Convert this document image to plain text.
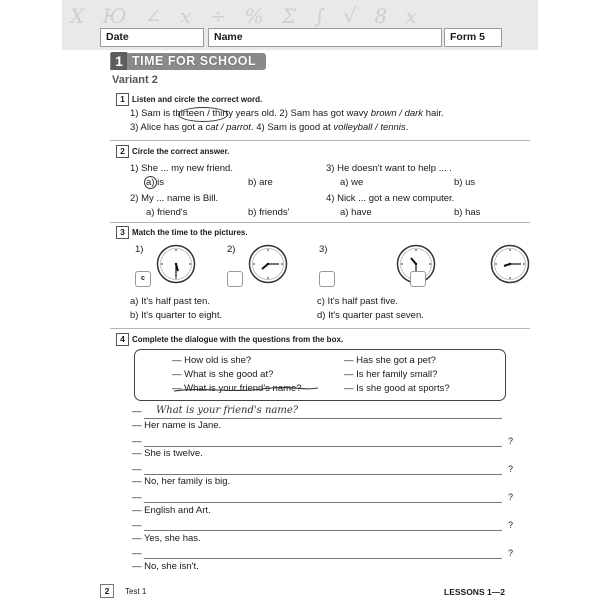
Х Ю ∠ x ÷ % Σ ∫ √ 8 x
Date	Name	Form 5
1 TIME FOR SCHOOL
Variant 2
1 Listen and circle the correct word.
1) Sam is thirteen / thirty years old. 2) Sam has got wavy brown / dark hair.
3) Alice has got a cat / parrot. 4) Sam is good at volleyball / tennis.
2 Circle the correct answer.
1) She ... my new friend.
a) is	b) are
2) My ... name is Bill.
a) friend's	b) friends'
3) He doesn't want to help ... .
a) we	b) us
4) Nick ... got a new computer.
a) have	b) has
3 Match the time to the pictures.
1)	2)	3)
c
a) It's half past ten.
b) It's quarter to eight.
c) It's half past five.
d) It's quarter past seven.
4 Complete the dialogue with the questions from the box.
— How old is she?
— What is she good at?
— What is your friend's name?
— Has she got a pet?
— Is her family small?
— Is she good at sports?
— What is your friend's name?
— Her name is Jane.
—	?
— She is twelve.
—	?
— No, her family is big.
—	?
— English and Art.
—	?
— Yes, she has.
—	?
— No, she isn't.
2	Test 1	LESSONS 1—2
